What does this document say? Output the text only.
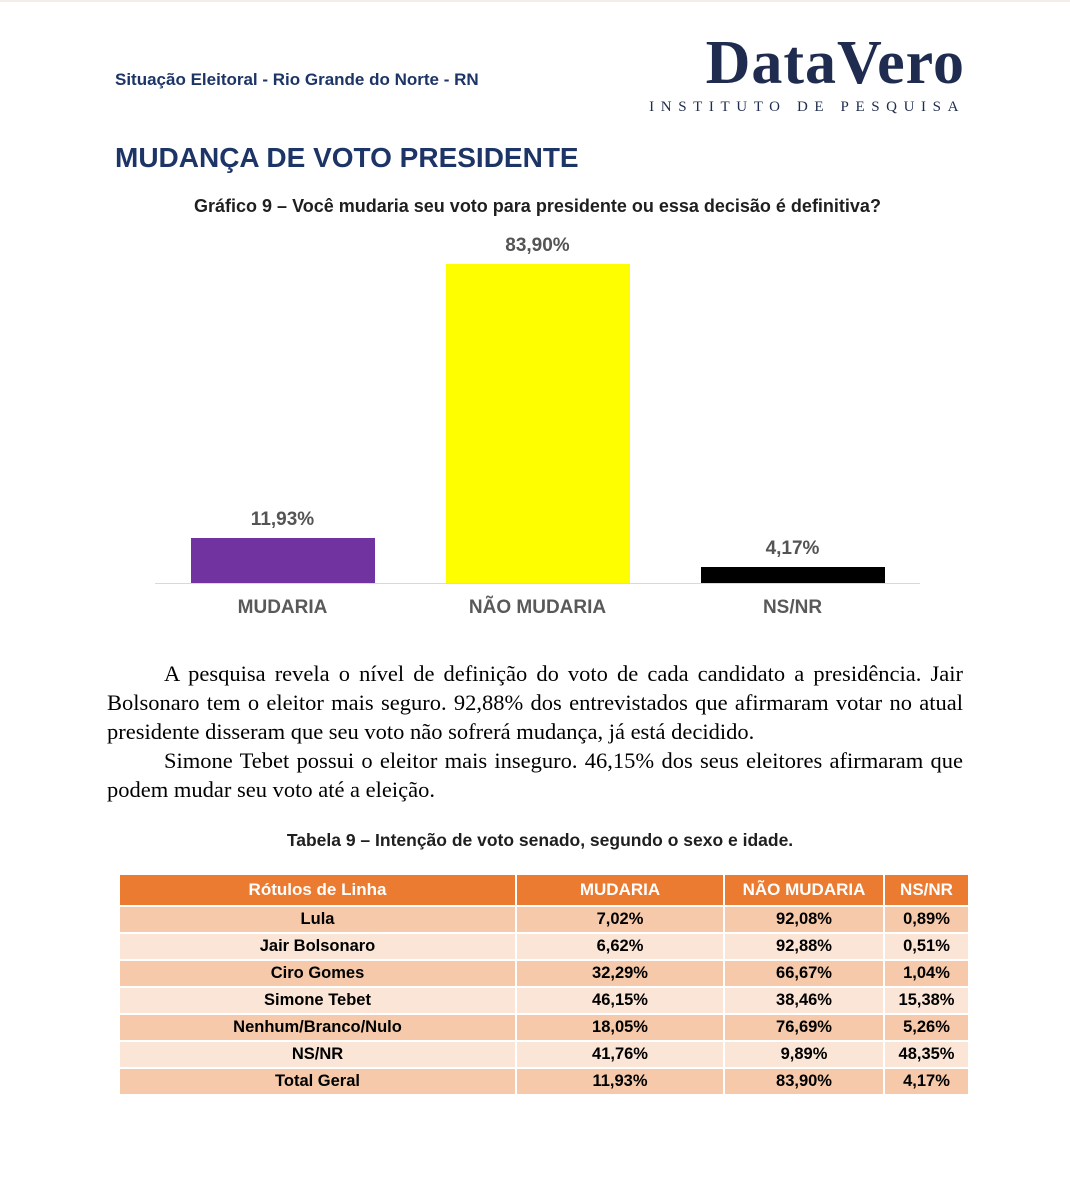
Situação Eleitoral - Rio Grande do Norte - RN	DataVero
INSTITUTO DE PESQUISA
MUDANÇA DE VOTO PRESIDENTE
Gráfico 9 – Você mudaria seu voto para presidente ou essa decisão é definitiva?
11,93%
83,90%
4,17%
MUDARIA	NÃO MUDARIA	NS/NR

A pesquisa revela o nível de definição do voto de cada candidato a presidência. Jair Bolsonaro tem o eleitor mais seguro. 92,88% dos entrevistados que afirmaram votar no atual presidente disseram que seu voto não sofrerá mudança, já está decidido.

Simone Tebet possui o eleitor mais inseguro. 46,15% dos seus eleitores afirmaram que podem mudar seu voto até a eleição.

Tabela 9 – Intenção de voto senado, segundo o sexo e idade.
Rótulos de Linha	MUDARIA	NÃO MUDARIA	NS/NR
Lula	7,02%	92,08%	0,89%
Jair Bolsonaro	6,62%	92,88%	0,51%
Ciro Gomes	32,29%	66,67%	1,04%
Simone Tebet	46,15%	38,46%	15,38%
Nenhum/Branco/Nulo	18,05%	76,69%	5,26%
NS/NR	41,76%	9,89%	48,35%
Total Geral	11,93%	83,90%	4,17%
